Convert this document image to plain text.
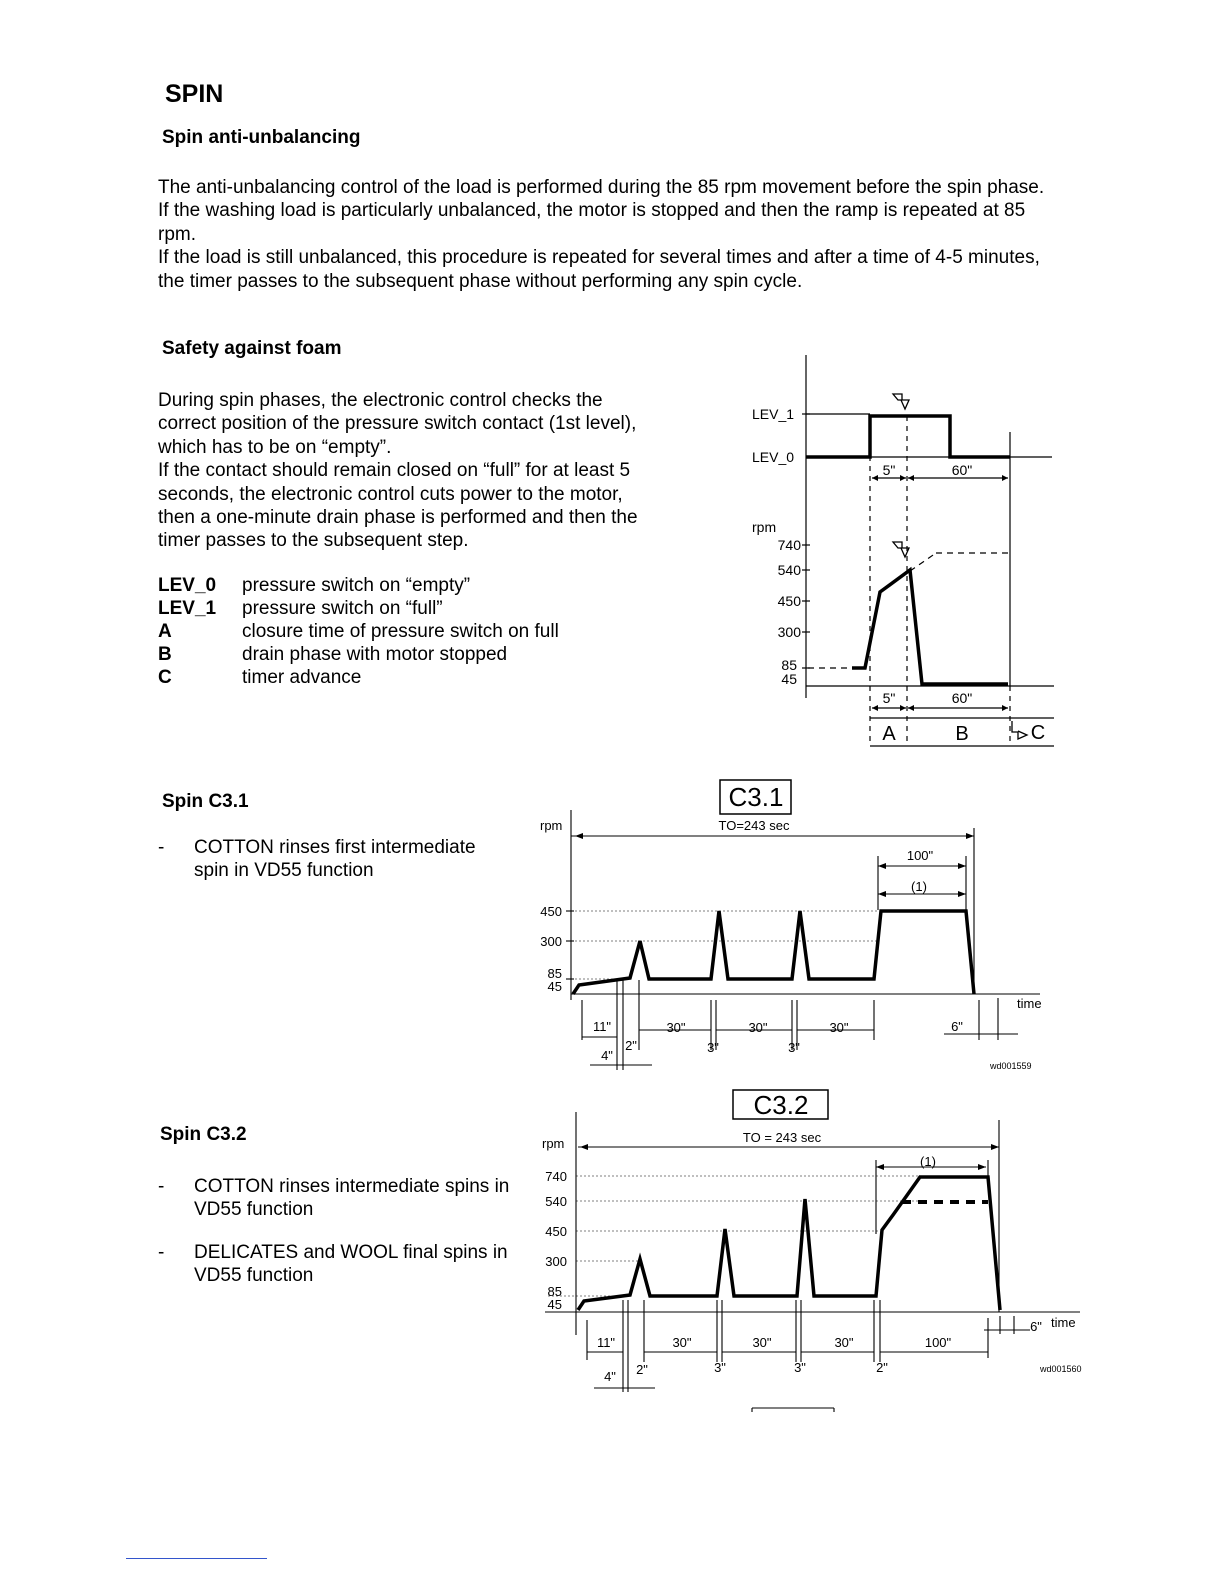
SPIN
Spin anti-unbalancing

The anti-unbalancing control of the load is performed during the 85 rpm movement before the spin phase.
If the washing load is particularly unbalanced, the motor is stopped and then the ramp is repeated at 85
rpm.
If the load is still unbalanced, this procedure is repeated for several times and after a time of 4-5 minutes,
the timer passes to the subsequent phase without performing any spin cycle.

Safety against foam

During spin phases, the electronic control checks the
correct position of the pressure switch contact (1st level),
which has to be on “empty”.
If the contact should remain closed on “full” for at least 5
seconds, the electronic control cuts power to the motor,
then a one-minute drain phase is performed and then the
timer passes to the subsequent step.

LEV_0	pressure switch on “empty”
LEV_1	pressure switch on “full”
A	closure time of pressure switch on full
B	drain phase with motor stopped
C	timer advance
LEV_1
LEV_0
rpm
740
540
450
300
85
45
5"	60"
5"	60"
A	B	C
Spin C3.1
-	COTTON rinses first intermediate
spin in VD55 function
C3.1
TO=243 sec
rpm
time
450
300
85
45
100"
(1)
11"
4"
2"
30"
3"
30"
3"
30"	6"
wd001559
Spin C3.2
-	COTTON rinses intermediate spins in
VD55 function
-	DELICATES and WOOL final spins in
VD55 function
C3.2
TO = 243 sec
rpm
time
740
540
450
300
85
45
(1)
11"
4" 2"
30"
3"
30"
3"
30"
2"
100"
6"
wd001560
